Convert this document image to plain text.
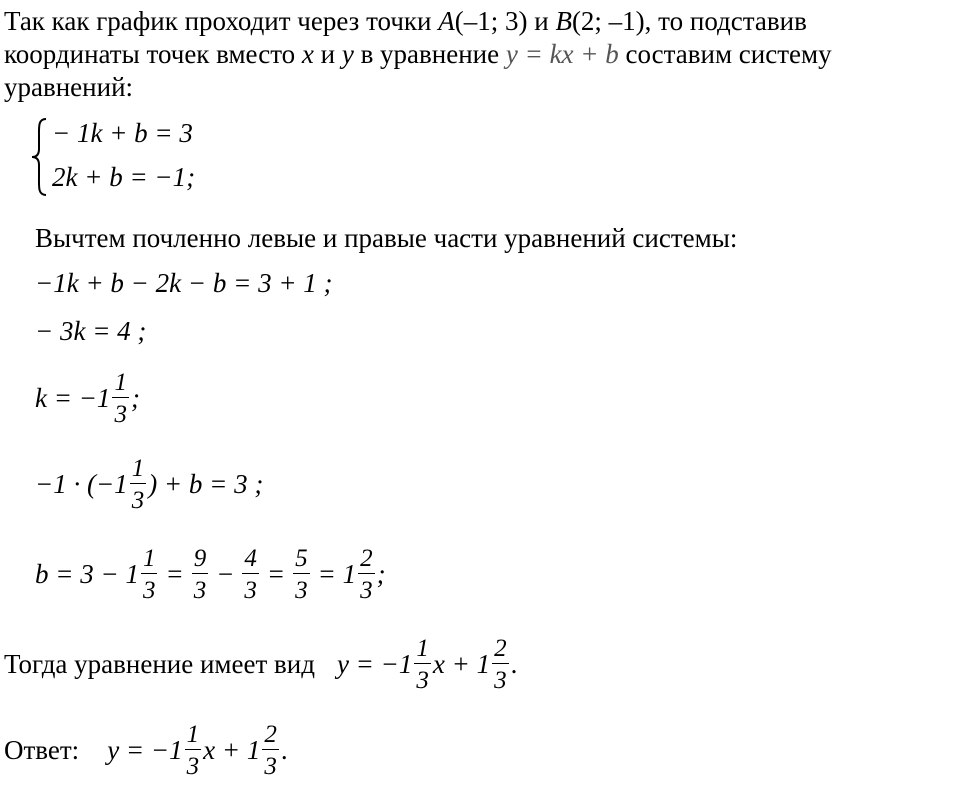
Так как график проходит через точки A(–1; 3) и B(2; –1), то подставив
координаты точек вместо x и y в уравнение y = kx + b составим систему
уравнений:
− 1k + b = 3
2k + b = −1;
Вычтем почленно левые и правые части уравнений системы:
−1k + b − 2k − b = 3 + 1 ;
− 3k = 4 ;
$k = -1 \frac{1}{3}$ ;
$-1 \cdot (-1 \frac{1}{3}$ ) + b = 3 ;
$b = 3 - 1 \frac{1}{3} = \frac{9}{3} - \frac{4}{3} = \frac{5}{3} = 1 \frac{2}{3}$ ;
Тогда уравнение имеет вид $y = -1 \frac{1}{3}$ $x + 1 \frac{2}{3}$ .
Ответ: $y = -1 \frac{1}{3}$ $x + 1 \frac{2}{3}$ .
